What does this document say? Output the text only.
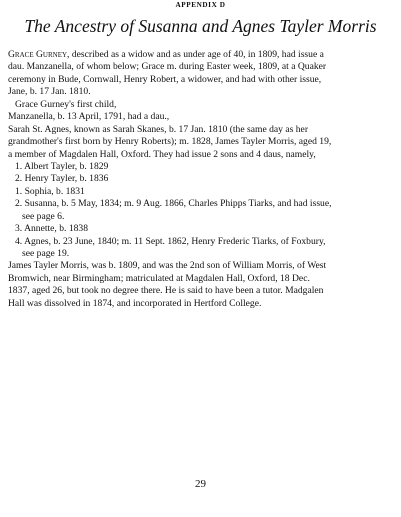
APPENDIX D
The Ancestry of Susanna and Agnes Tayler Morris
Grace Gurney, described as a widow and as under age of 40, in 1809, had issue a
dau. Manzanella, of whom below; Grace m. during Easter week, 1809, at a Quaker
ceremony in Bude, Cornwall, Henry Robert, a widower, and had with other issue,
Jane, b. 17 Jan. 1810.
Grace Gurney's first child,
Manzanella, b. 13 April, 1791, had a dau.,
Sarah St. Agnes, known as Sarah Skanes, b. 17 Jan. 1810 (the same day as her
grandmother's first born by Henry Roberts); m. 1828, James Tayler Morris, aged 19,
a member of Magdalen Hall, Oxford. They had issue 2 sons and 4 daus, namely,
1. Albert Tayler, b. 1829
2. Henry Tayler, b. 1836
1. Sophia, b. 1831
2. Susanna, b. 5 May, 1834; m. 9 Aug. 1866, Charles Phipps Tiarks, and had issue,
see page 6.
3. Annette, b. 1838
4. Agnes, b. 23 June, 1840; m. 11 Sept. 1862, Henry Frederic Tiarks, of Foxbury,
see page 19.
James Tayler Morris, was b. 1809, and was the 2nd son of William Morris, of West
Bromwich, near Birmingham; matriculated at Magdalen Hall, Oxford, 18 Dec.
1837, aged 26, but took no degree there. He is said to have been a tutor. Madgalen
Hall was dissolved in 1874, and incorporated in Hertford College.
29
